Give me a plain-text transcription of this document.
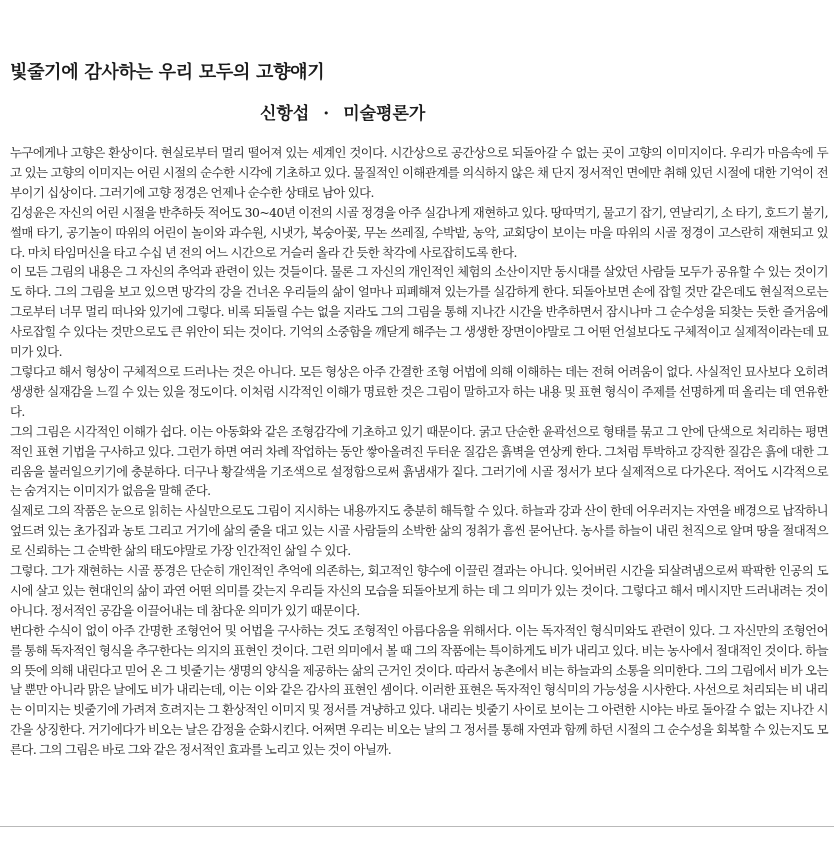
빛줄기에 감사하는 우리 모두의 고향얘기
신항섭 · 미술평론가

누구에게나 고향은 환상이다. 현실로부터 멀리 떨어져 있는 세계인 것이다. 시간상으로 공간상으로 되돌아갈 수 없는 곳이 고향의 이미지이다. 우리가 마음속에 두고 있는 고향의 이미지는 어린 시절의 순수한 시각에 기초하고 있다. 물질적인 이해관계를 의식하지 않은 채 단지 정서적인 면에만 취해 있던 시절에 대한 기억이 전부이기 십상이다. 그러기에 고향 정경은 언제나 순수한 상태로 남아 있다.

김성윤은 자신의 어린 시절을 반추하듯 적어도 30~40년 이전의 시골 정경을 아주 실감나게 재현하고 있다. 땅따먹기, 물고기 잡기, 연날리기, 소 타기, 호드기 불기, 썰매 타기, 공기놀이 따위의 어린이 놀이와 과수원, 시냇가, 복숭아꽃, 무논 쓰레질, 수박밭, 농악, 교회당이 보이는 마을 따위의 시골 정경이 고스란히 재현되고 있다. 마치 타임머신을 타고 수십 년 전의 어느 시간으로 거슬러 올라 간 듯한 착각에 사로잡히도록 한다.

이 모든 그림의 내용은 그 자신의 추억과 관련이 있는 것들이다. 물론 그 자신의 개인적인 체험의 소산이지만 동시대를 살았던 사람들 모두가 공유할 수 있는 것이기도 하다. 그의 그림을 보고 있으면 망각의 강을 건너온 우리들의 삶이 얼마나 피폐해져 있는가를 실감하게 한다. 되돌아보면 손에 잡힐 것만 같은데도 현실적으로는 그로부터 너무 멀리 떠나와 있기에 그렇다. 비록 되돌릴 수는 없을 지라도 그의 그림을 통해 지나간 시간을 반추하면서 잠시나마 그 순수성을 되찾는 듯한 즐거움에 사로잡힐 수 있다는 것만으로도 큰 위안이 되는 것이다. 기억의 소중함을 깨닫게 해주는 그 생생한 장면이야말로 그 어떤 언설보다도 구체적이고 실제적이라는데 묘미가 있다.

그렇다고 해서 형상이 구체적으로 드러나는 것은 아니다. 모든 형상은 아주 간결한 조형 어법에 의해 이해하는 데는 전혀 어려움이 없다. 사실적인 묘사보다 오히려 생생한 실재감을 느낄 수 있는 있을 정도이다. 이처럼 시각적인 이해가 명료한 것은 그림이 말하고자 하는 내용 및 표현 형식이 주제를 선명하게 떠 올리는 데 연유한다.

그의 그림은 시각적인 이해가 쉽다. 이는 아동화와 같은 조형감각에 기초하고 있기 때문이다. 굵고 단순한 윤곽선으로 형태를 묶고 그 안에 단색으로 처리하는 평면적인 표현 기법을 구사하고 있다. 그런가 하면 여러 차례 작업하는 동안 쌓아올려진 두터운 질감은 흙벽을 연상케 한다. 그처럼 투박하고 강직한 질감은 흙에 대한 그리움을 불러일으키기에 충분하다. 더구나 황갈색을 기조색으로 설정함으로써 흙냄새가 짙다. 그러기에 시골 정서가 보다 실제적으로 다가온다. 적어도 시각적으로는 숨겨지는 이미지가 없음을 말해 준다.

실제로 그의 작품은 눈으로 읽히는 사실만으로도 그림이 지시하는 내용까지도 충분히 해득할 수 있다. 하늘과 강과 산이 한데 어우러지는 자연을 배경으로 납작하니 엎드려 있는 초가집과 농토 그리고 거기에 삶의 줄을 대고 있는 시골 사람들의 소박한 삶의 정취가 흠씬 묻어난다. 농사를 하늘이 내린 천직으로 알며 땅을 절대적으로 신뢰하는 그 순박한 삶의 태도야말로 가장 인간적인 삶일 수 있다.

그렇다. 그가 재현하는 시골 풍경은 단순히 개인적인 추억에 의존하는, 회고적인 향수에 이끌린 결과는 아니다. 잊어버린 시간을 되살려냄으로써 팍팍한 인공의 도시에 살고 있는 현대인의 삶이 과연 어떤 의미를 갖는지 우리들 자신의 모습을 되돌아보게 하는 데 그 의미가 있는 것이다. 그렇다고 해서 메시지만 드러내려는 것이 아니다. 정서적인 공감을 이끌어내는 데 참다운 의미가 있기 때문이다.

번다한 수식이 없이 아주 간명한 조형언어 및 어법을 구사하는 것도 조형적인 아름다움을 위해서다. 이는 독자적인 형식미와도 관련이 있다. 그 자신만의 조형언어를 통해 독자적인 형식을 추구한다는 의지의 표현인 것이다. 그런 의미에서 볼 때 그의 작품에는 특이하게도 비가 내리고 있다. 비는 농사에서 절대적인 것이다. 하늘의 뜻에 의해 내린다고 믿어 온 그 빗줄기는 생명의 양식을 제공하는 삶의 근거인 것이다. 따라서 농촌에서 비는 하늘과의 소통을 의미한다. 그의 그림에서 비가 오는 날 뿐만 아니라 맑은 날에도 비가 내리는데, 이는 이와 같은 감사의 표현인 셈이다. 이러한 표현은 독자적인 형식미의 가능성을 시사한다. 사선으로 처리되는 비 내리는 이미지는 빗줄기에 가려져 흐려지는 그 환상적인 이미지 및 정서를 겨냥하고 있다. 내리는 빗줄기 사이로 보이는 그 아련한 시야는 바로 돌아갈 수 없는 지나간 시간을 상징한다. 거기에다가 비오는 날은 감정을 순화시킨다. 어쩌면 우리는 비오는 날의 그 정서를 통해 자연과 함께 하던 시절의 그 순수성을 회복할 수 있는지도 모른다. 그의 그림은 바로 그와 같은 정서적인 효과를 노리고 있는 것이 아닐까.
